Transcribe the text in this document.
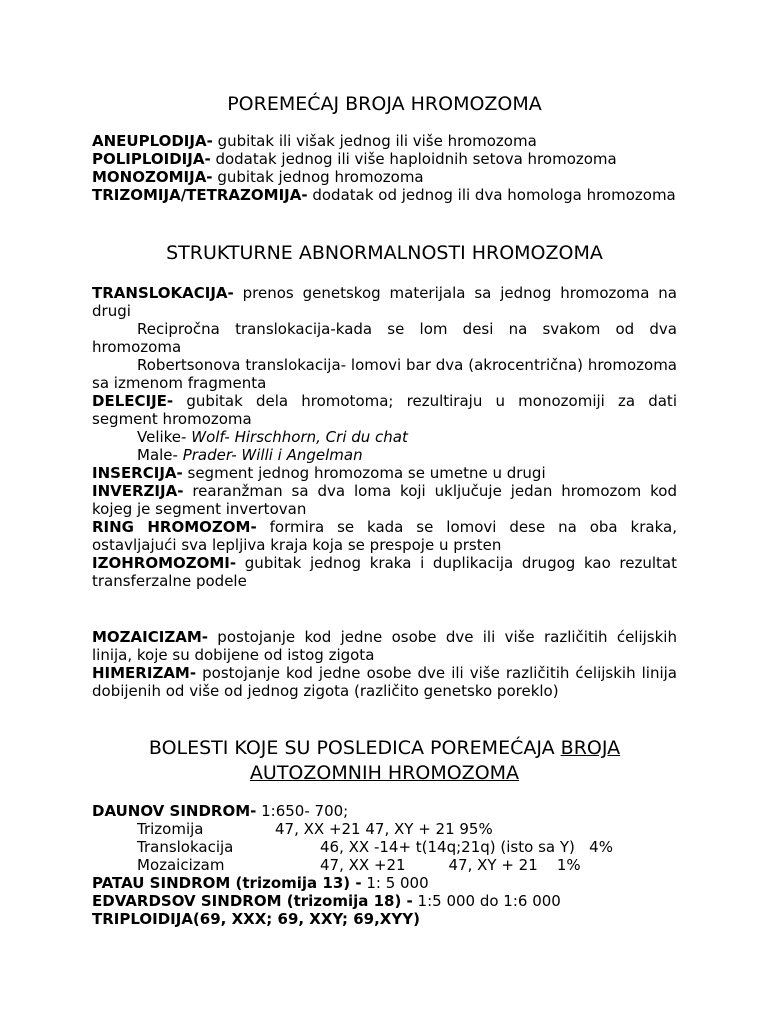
POREMEĆAJ BROJA HROMOZOMA

ANEUPLODIJA- gubitak ili višak jednog ili više hromozoma

POLIPLOIDIJA- dodatak jednog ili više haploidnih setova hromozoma

MONOZOMIJA- gubitak jednog hromozoma

TRIZOMIJA/TETRAZOMIJA- dodatak od jednog ili dva homologa hromozoma

STRUKTURNE ABNORMALNOSTI HROMOZOMA

TRANSLOKACIJA- prenos genetskog materijala sa jednog hromozoma na drugi

Recipročna translokacija-kada se lom desi na svakom od dva hromozoma

Robertsonova translokacija- lomovi bar dva (akrocentrična) hromozoma sa izmenom fragmenta

DELECIJE- gubitak dela hromotoma; rezultiraju u monozomiji za dati segment hromozoma

Velike- Wolf- Hirschhorn, Cri du chat

Male- Prader- Willi i Angelman

INSERCIJA- segment jednog hromozoma se umetne u drugi

INVERZIJA- rearanžman sa dva loma koji uključuje jedan hromozom kod kojeg je segment invertovan

RING HROMOZOM- formira se kada se lomovi dese na oba kraka, ostavljajući sva lepljiva kraja koja se prespoje u prsten

IZOHROMOZOMI- gubitak jednog kraka i duplikacija drugog kao rezultat transferzalne podele

MOZAICIZAM- postojanje kod jedne osobe dve ili više različitih ćelijskih linija, koje su dobijene od istog zigota

HIMERIZAM- postojanje kod jedne osobe dve ili više različitih ćelijskih linija dobijenih od više od jednog zigota (različito genetsko poreklo)

BOLESTI KOJE SU POSLEDICA POREMEĆAJA BROJA
AUTOZOMNIH HROMOZOMA

DAUNOV SINDROM- 1:650- 700;

Trizomija	47, XX +21 47, XY + 21 95%
Translokacija	46, XX -14+ t(14q;21q) (isto sa Y)   4%
Mozaicizam	47, XX +21         47, XY + 21    1%

PATAU SINDROM (trizomija 13) - 1: 5 000

EDVARDSOV SINDROM (trizomija 18) - 1:5 000 do 1:6 000

TRIPLOIDIJA(69, XXX; 69, XXY; 69,XYY)
